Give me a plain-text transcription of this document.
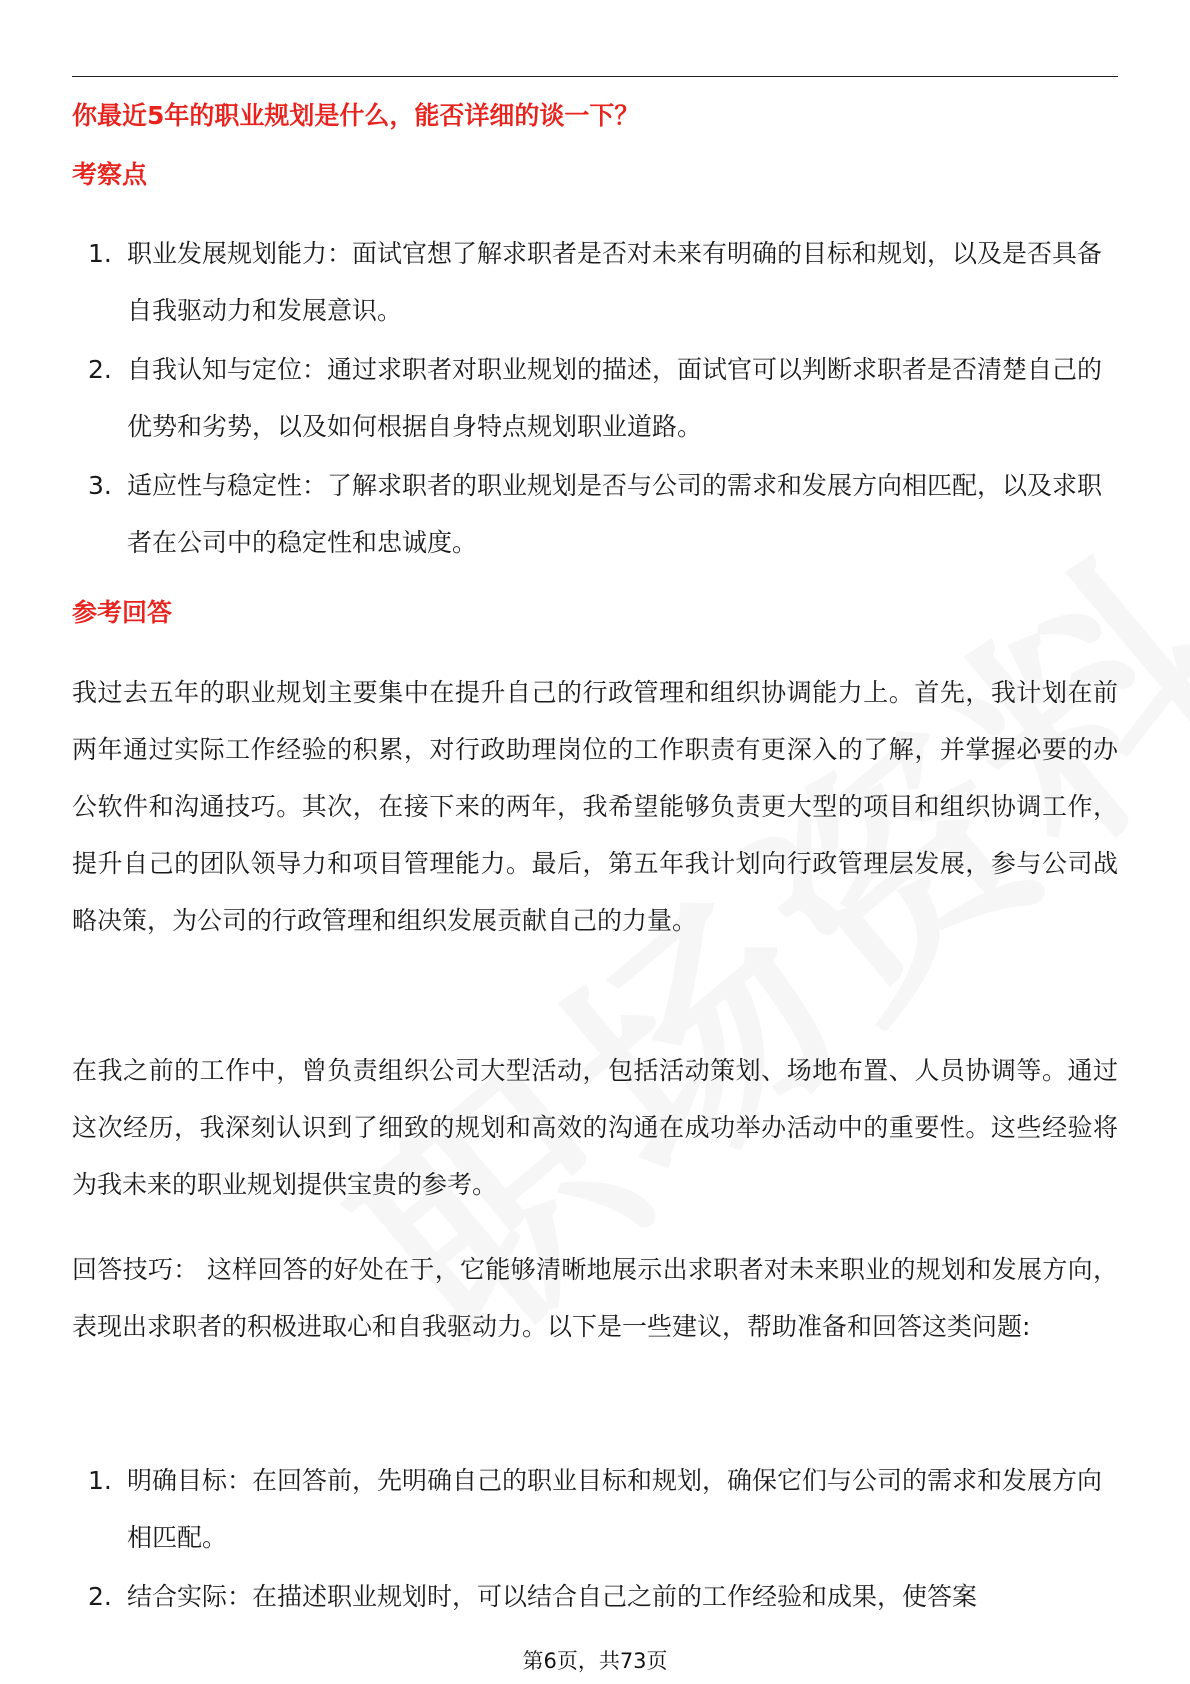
你最近5年的职业规划是什么，能否详细的谈一下？
考察点
1. 职业发展规划能力：面试官想了解求职者是否对未来有明确的目标和规划，以及是否具备自我驱动力和发展意识。
2. 自我认知与定位：通过求职者对职业规划的描述，面试官可以判断求职者是否清楚自己的优势和劣势，以及如何根据自身特点规划职业道路。
3. 适应性与稳定性：了解求职者的职业规划是否与公司的需求和发展方向相匹配，以及求职者在公司中的稳定性和忠诚度。
参考回答

我过去五年的职业规划主要集中在提升自己的行政管理和组织协调能力上。首先，我计划在前两年通过实际工作经验的积累，对行政助理岗位的工作职责有更深入的了解，并掌握必要的办公软件和沟通技巧。其次，在接下来的两年，我希望能够负责更大型的项目和组织协调工作，提升自己的团队领导力和项目管理能力。最后，第五年我计划向行政管理层发展，参与公司战略决策，为公司的行政管理和组织发展贡献自己的力量。

在我之前的工作中，曾负责组织公司大型活动，包括活动策划、场地布置、人员协调等。通过这次经历，我深刻认识到了细致的规划和高效的沟通在成功举办活动中的重要性。这些经验将为我未来的职业规划提供宝贵的参考。

回答技巧： 这样回答的好处在于，它能够清晰地展示出求职者对未来职业的规划和发展方向，表现出求职者的积极进取心和自我驱动力。以下是一些建议，帮助准备和回答这类问题:

1. 明确目标：在回答前，先明确自己的职业目标和规划，确保它们与公司的需求和发展方向相匹配。
2. 结合实际：在描述职业规划时，可以结合自己之前的工作经验和成果，使答案
第6页，共73页
